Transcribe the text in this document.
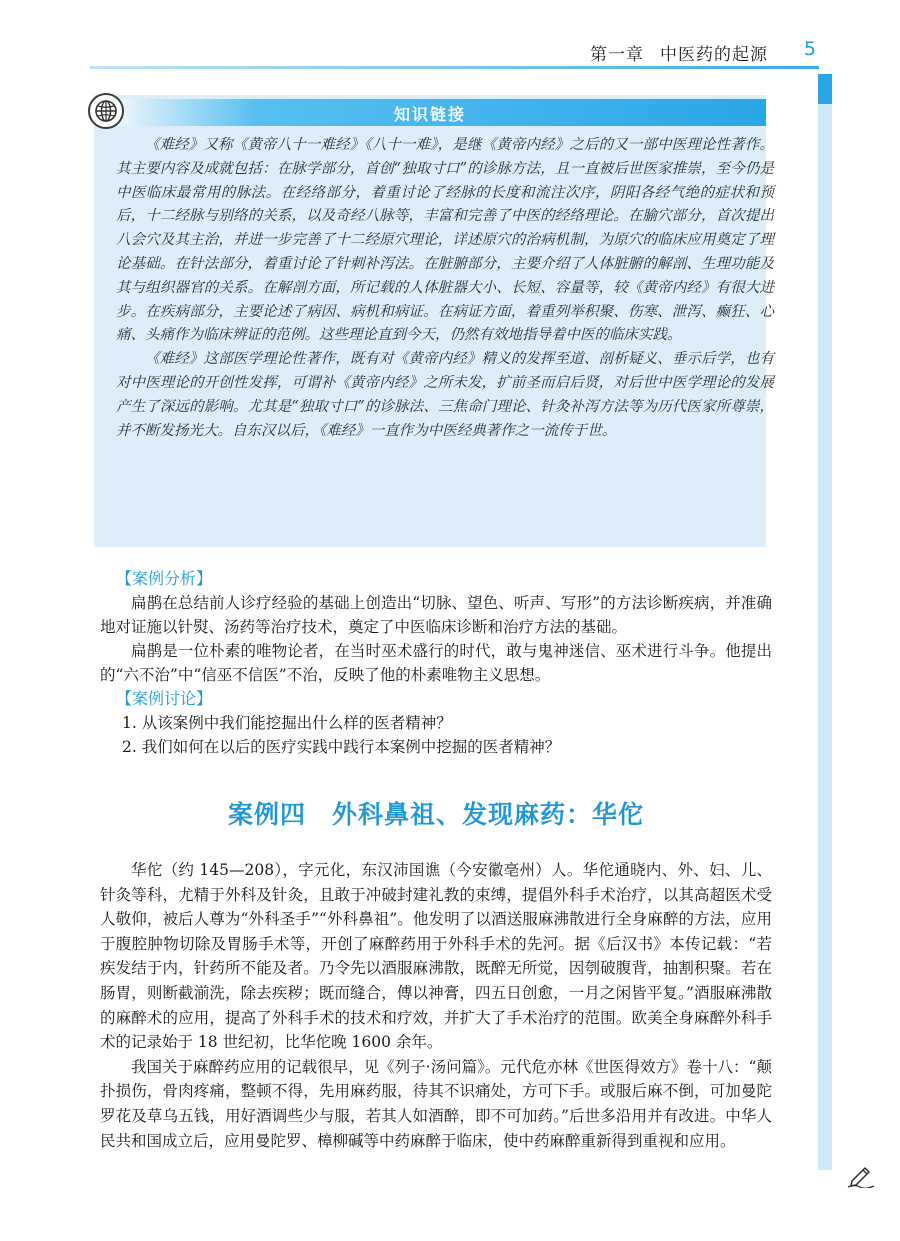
第一章 中医药的起源 5
知识链接

《难经》又称《黄帝八十一难经》《八十一难》，是继《黄帝内经》之后的又一部中医理论性著作。其主要内容及成就包括：在脉学部分，首创“独取寸口”的诊脉方法，且一直被后世医家推崇，至今仍是中医临床最常用的脉法。在经络部分，着重讨论了经脉的长度和流注次序，阴阳各经气绝的症状和预后，十二经脉与别络的关系，以及奇经八脉等，丰富和完善了中医的经络理论。在腧穴部分，首次提出八会穴及其主治，并进一步完善了十二经原穴理论，详述原穴的治病机制，为原穴的临床应用奠定了理论基础。在针法部分，着重讨论了针刺补泻法。在脏腑部分，主要介绍了人体脏腑的解剖、生理功能及其与组织器官的关系。在解剖方面，所记载的人体脏器大小、长短、容量等，较《黄帝内经》有很大进步。在疾病部分，主要论述了病因、病机和病证。在病证方面，着重列举积聚、伤寒、泄泻、癫狂、心痛、头痛作为临床辨证的范例。这些理论直到今天，仍然有效地指导着中医的临床实践。

《难经》这部医学理论性著作，既有对《黄帝内经》精义的发挥至道、剖析疑义、垂示后学，也有对中医理论的开创性发挥，可谓补《黄帝内经》之所未发，扩前圣而启后贤，对后世中医学理论的发展产生了深远的影响。尤其是“独取寸口”的诊脉法、三焦命门理论、针灸补泻方法等为历代医家所尊崇，并不断发扬光大。自东汉以后，《难经》一直作为中医经典著作之一流传于世。

【案例分析】

扁鹊在总结前人诊疗经验的基础上创造出“切脉、望色、听声、写形”的方法诊断疾病，并准确地对证施以针熨、汤药等治疗技术，奠定了中医临床诊断和治疗方法的基础。

扁鹊是一位朴素的唯物论者，在当时巫术盛行的时代，敢与鬼神迷信、巫术进行斗争。他提出的“六不治”中“信巫不信医”不治，反映了他的朴素唯物主义思想。

【案例讨论】

1. 从该案例中我们能挖掘出什么样的医者精神？

2. 我们如何在以后的医疗实践中践行本案例中挖掘的医者精神？

案例四 外科鼻祖、发现麻药：华佗

华佗（约 145—208），字元化，东汉沛国谯（今安徽亳州）人。华佗通晓内、外、妇、儿、针灸等科，尤精于外科及针灸，且敢于冲破封建礼教的束缚，提倡外科手术治疗，以其高超医术受人敬仰，被后人尊为“外科圣手”“外科鼻祖”。他发明了以酒送服麻沸散进行全身麻醉的方法，应用于腹腔肿物切除及胃肠手术等，开创了麻醉药用于外科手术的先河。据《后汉书》本传记载：“若疾发结于内，针药所不能及者。乃令先以酒服麻沸散，既醉无所觉，因刳破腹背，抽割积聚。若在肠胃，则断截湔洗，除去疾秽；既而缝合，傅以神膏，四五日创愈，一月之闲皆平复。”酒服麻沸散的麻醉术的应用，提高了外科手术的技术和疗效，并扩大了手术治疗的范围。欧美全身麻醉外科手术的记录始于 18 世纪初，比华佗晚 1600 余年。

我国关于麻醉药应用的记载很早，见《列子·汤问篇》。元代危亦林《世医得效方》卷十八：“颠扑损伤，骨肉疼痛，整顿不得，先用麻药服，待其不识痛处，方可下手。或服后麻不倒，可加曼陀罗花及草乌五钱，用好酒调些少与服，若其人如酒醉，即不可加药。”后世多沿用并有改进。中华人民共和国成立后，应用曼陀罗、樟柳碱等中药麻醉于临床，使中药麻醉重新得到重视和应用。
